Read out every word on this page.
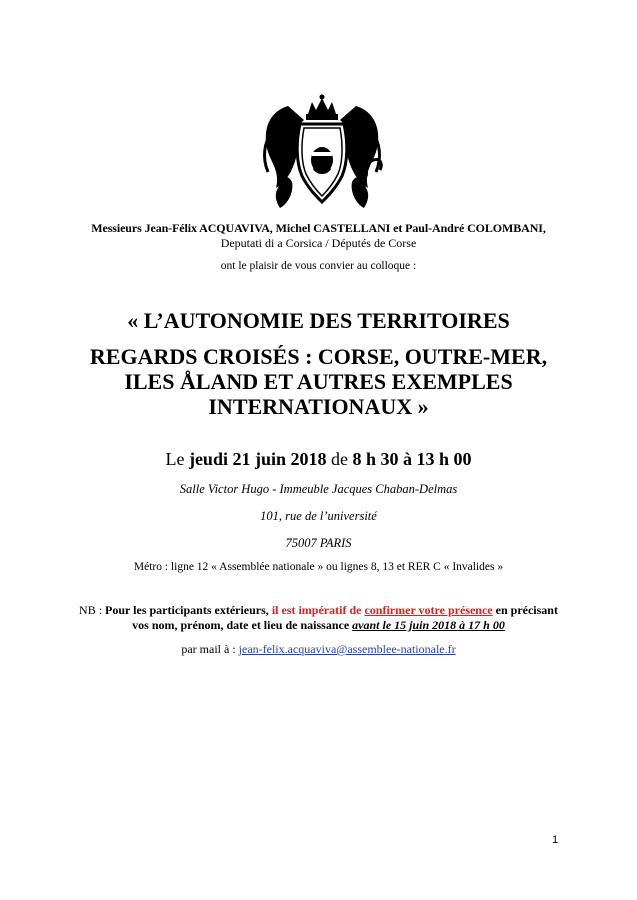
Messieurs Jean-Félix ACQUAVIVA, Michel CASTELLANI et Paul-André COLOMBANI,
Deputati di a Corsica / Députés de Corse
ont le plaisir de vous convier au colloque :
« L’AUTONOMIE DES TERRITOIRES
REGARDS CROISÉS : CORSE, OUTRE-MER,
ILES ÅLAND ET AUTRES EXEMPLES
INTERNATIONAUX »
Le jeudi 21 juin 2018 de 8 h 30 à 13 h 00
Salle Victor Hugo - Immeuble Jacques Chaban-Delmas
101, rue de l’université
75007 PARIS
Métro : ligne 12 « Assemblée nationale » ou lignes 8, 13 et RER C « Invalides »
NB : Pour les participants extérieurs, il est impératif de confirmer votre présence en précisant
vos nom, prénom, date et lieu de naissance avant le 15 juin 2018 à 17 h 00
par mail à : jean-felix.acquaviva@assemblee-nationale.fr
1
